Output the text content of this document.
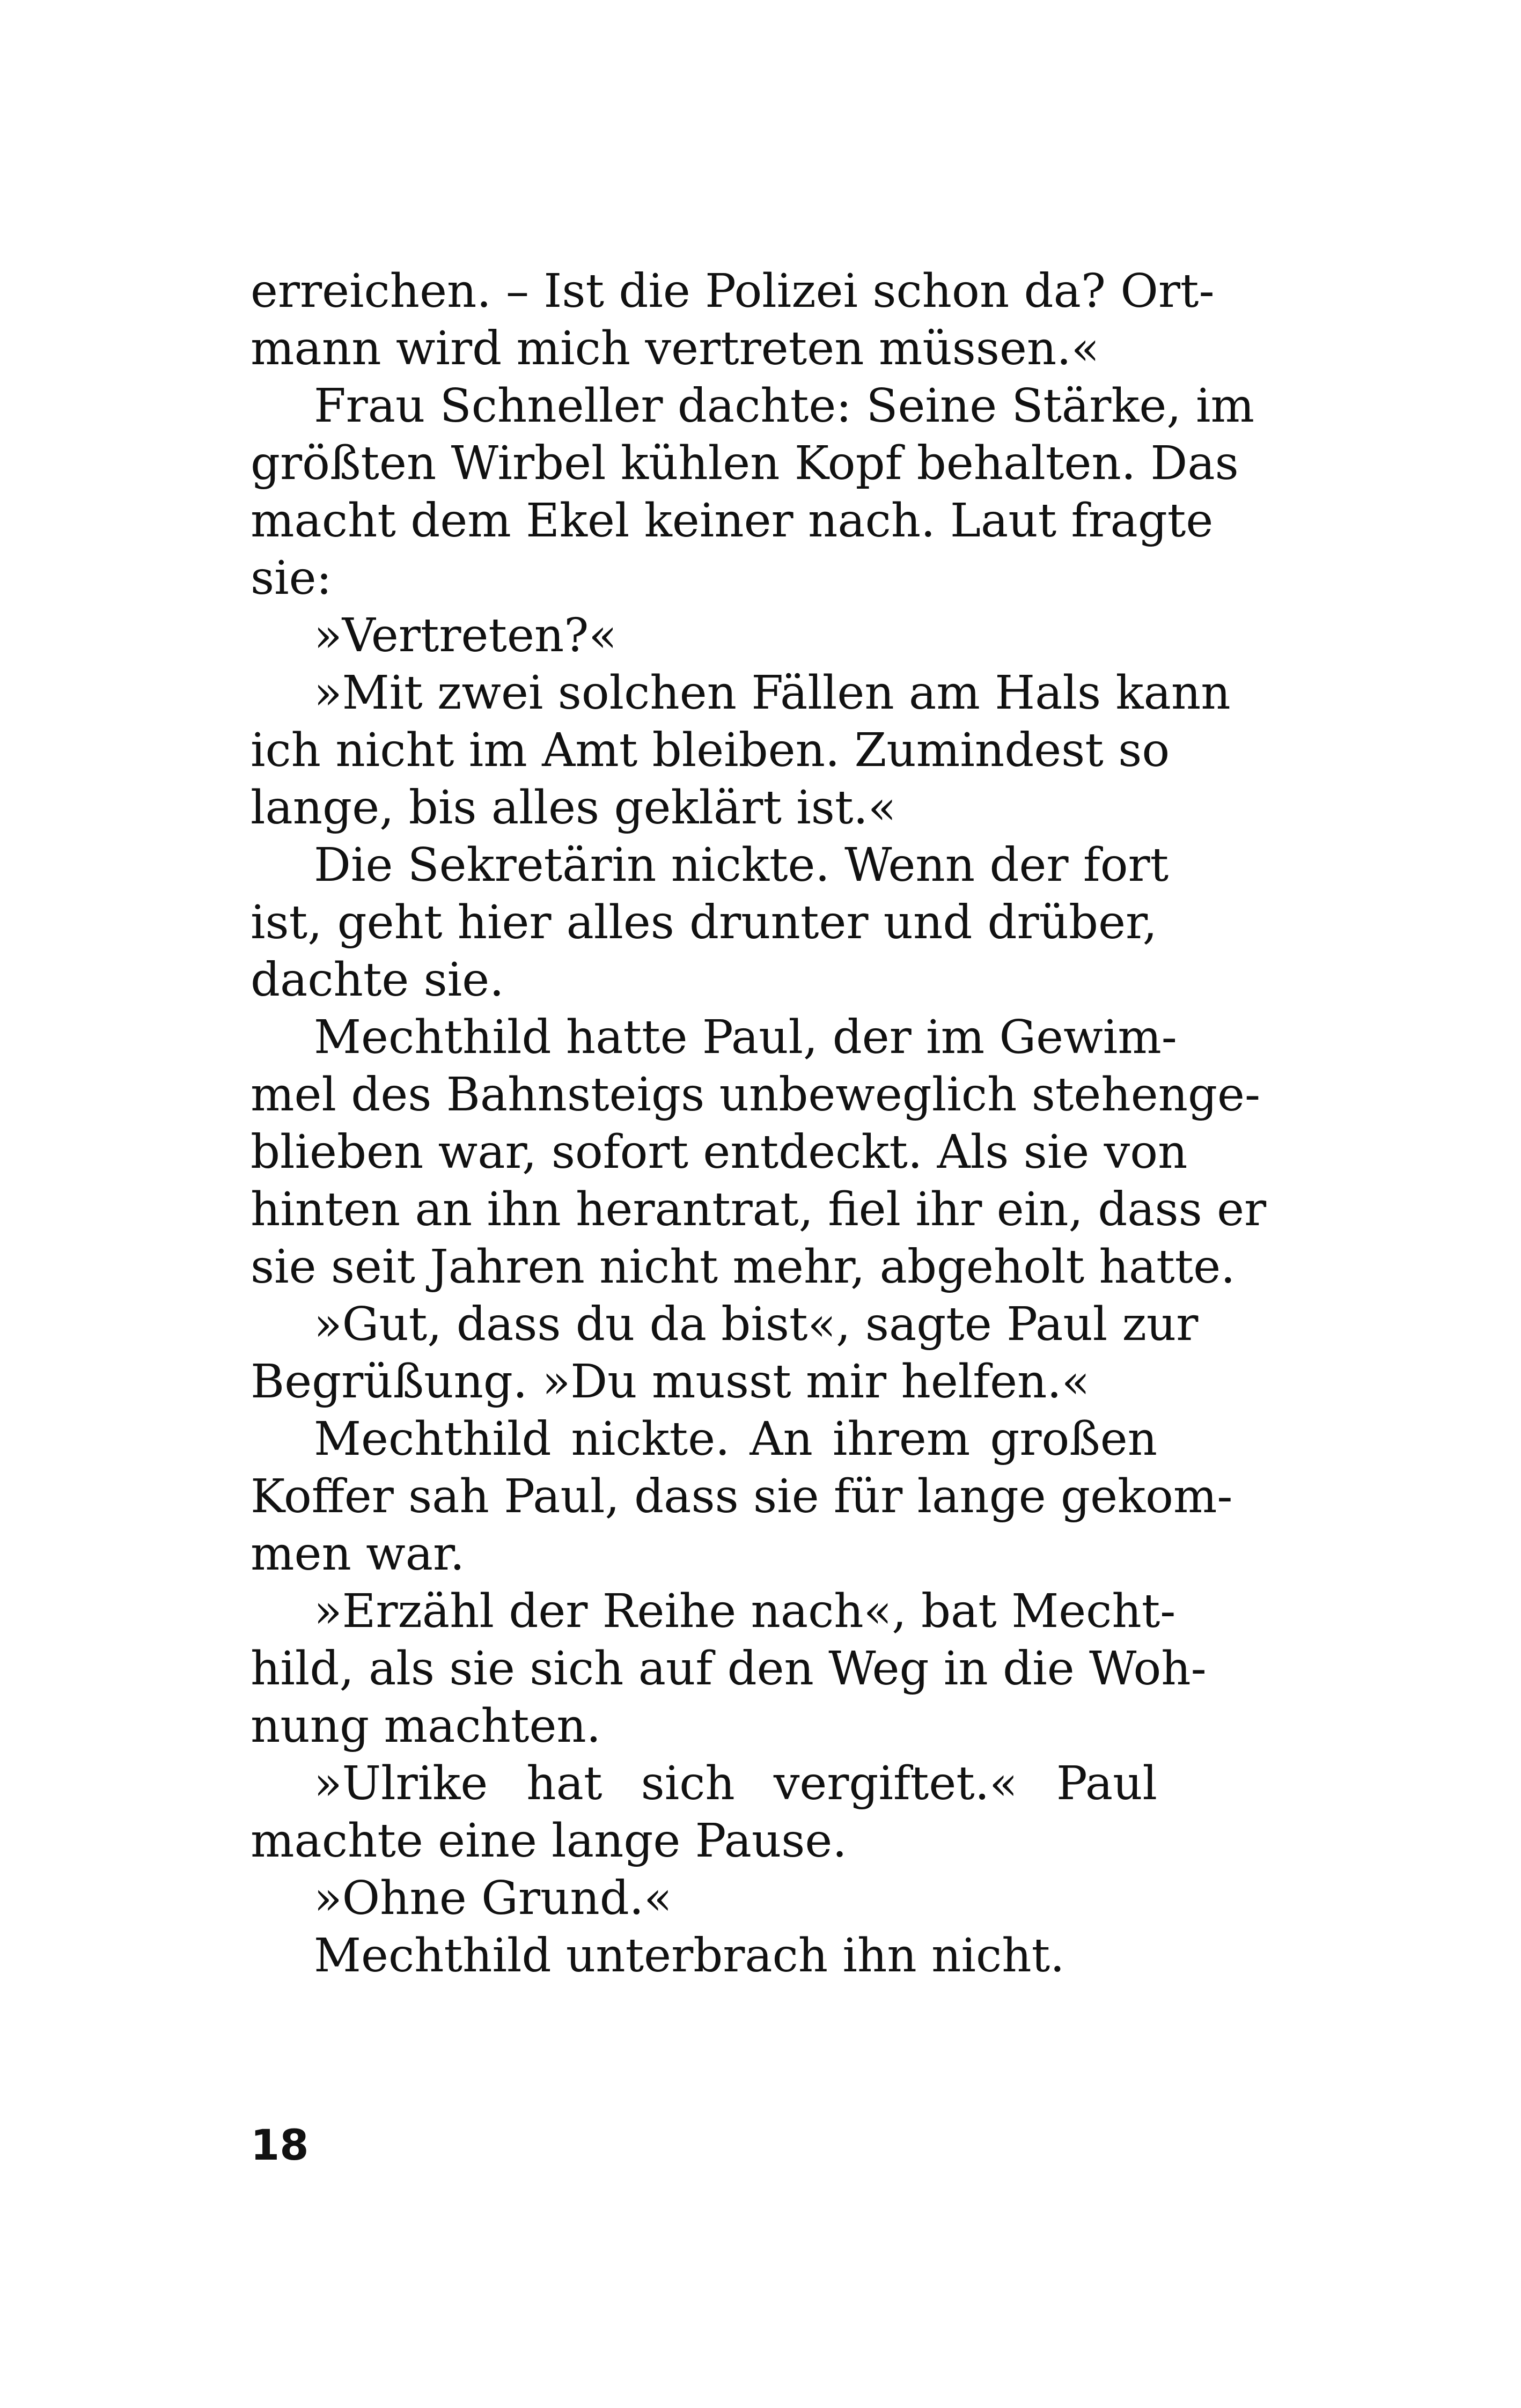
erreichen. – Ist die Polizei schon da? Ort-
mann wird mich vertreten müssen.«
Frau Schneller dachte: Seine Stärke, im
größten Wirbel kühlen Kopf behalten. Das
macht dem Ekel keiner nach. Laut fragte
sie:
»Vertreten?«
»Mit zwei solchen Fällen am Hals kann
ich nicht im Amt bleiben. Zumindest so
lange, bis alles geklärt ist.«
Die Sekretärin nickte. Wenn der fort
ist, geht hier alles drunter und drüber,
dachte sie.
Mechthild hatte Paul, der im Gewim-
mel des Bahnsteigs unbeweglich stehenge-
blieben war, sofort entdeckt. Als sie von
hinten an ihn herantrat, fiel ihr ein, dass er
sie seit Jahren nicht mehr, abgeholt hatte.
»Gut, dass du da bist«, sagte Paul zur
Begrüßung. »Du musst mir helfen.«
Mechthild nickte. An ihrem großen
Koffer sah Paul, dass sie für lange gekom-
men war.
»Erzähl der Reihe nach«, bat Mecht-
hild, als sie sich auf den Weg in die Woh-
nung machten.
»Ulrike hat sich vergiftet.« Paul
machte eine lange Pause.
»Ohne Grund.«
Mechthild unterbrach ihn nicht.
18
